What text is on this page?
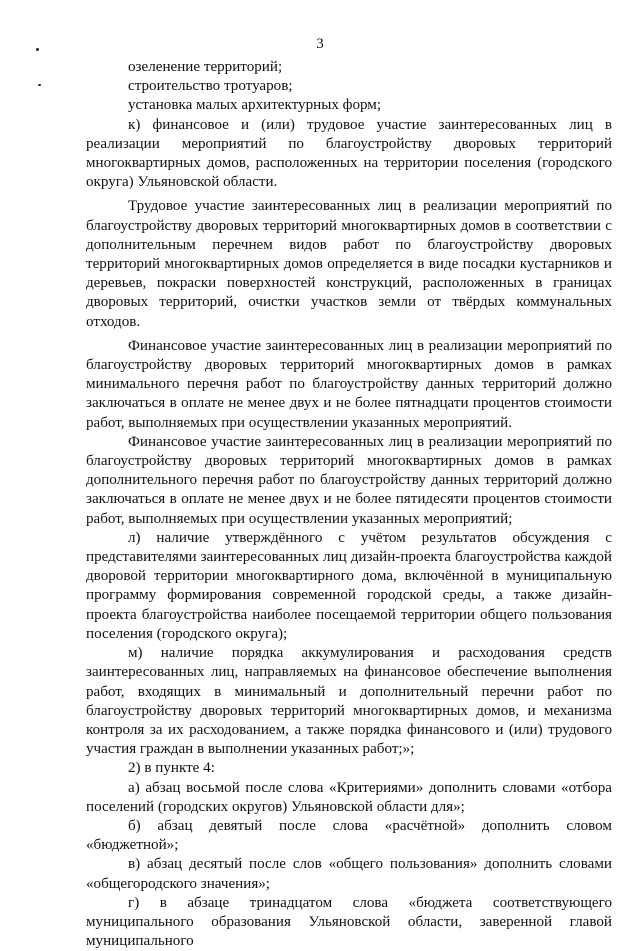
3

озеленение территорий;

строительство тротуаров;

установка малых архитектурных форм;

к) финансовое и (или) трудовое участие заинтересованных лиц в реализации мероприятий по благоустройству дворовых территорий многоквартирных домов, расположенных на территории поселения (городского округа) Ульяновской области.

Трудовое участие заинтересованных лиц в реализации мероприятий по благоустройству дворовых территорий многоквартирных домов в соответствии с дополнительным перечнем видов работ по благоустройству дворовых территорий многоквартирных домов определяется в виде посадки кустарников и деревьев, покраски поверхностей конструкций, расположенных в границах дворовых территорий, очистки участков земли от твёрдых коммунальных отходов.

Финансовое участие заинтересованных лиц в реализации мероприятий по благоустройству дворовых территорий многоквартирных домов в рамках минимального перечня работ по благоустройству данных территорий должно заключаться в оплате не менее двух и не более пятнадцати процентов стоимости работ, выполняемых при осуществлении указанных мероприятий.

Финансовое участие заинтересованных лиц в реализации мероприятий по благоустройству дворовых территорий многоквартирных домов в рамках дополнительного перечня работ по благоустройству данных территорий должно заключаться в оплате не менее двух и не более пятидесяти процентов стоимости работ, выполняемых при осуществлении указанных мероприятий;

л) наличие утверждённого с учётом результатов обсуждения с представителями заинтересованных лиц дизайн-проекта благоустройства каждой дворовой территории многоквартирного дома, включённой в муниципальную программу формирования современной городской среды, а также дизайн-проекта благоустройства наиболее посещаемой территории общего пользования поселения (городского округа);

м) наличие порядка аккумулирования и расходования средств заинтересованных лиц, направляемых на финансовое обеспечение выполнения работ, входящих в минимальный и дополнительный перечни работ по благоустройству дворовых территорий многоквартирных домов, и механизма контроля за их расходованием, а также порядка финансового и (или) трудового участия граждан в выполнении указанных работ;»;

2) в пункте 4:

а) абзац восьмой после слова «Критериями» дополнить словами «отбора поселений (городских округов) Ульяновской области для»;

б) абзац девятый после слова «расчётной» дополнить словом «бюджетной»;

в) абзац десятый после слов «общего пользования» дополнить словами «общегородского значения»;

г) в абзаце тринадцатом слова «бюджета соответствующего муниципального образования Ульяновской области, заверенной главой муниципального
